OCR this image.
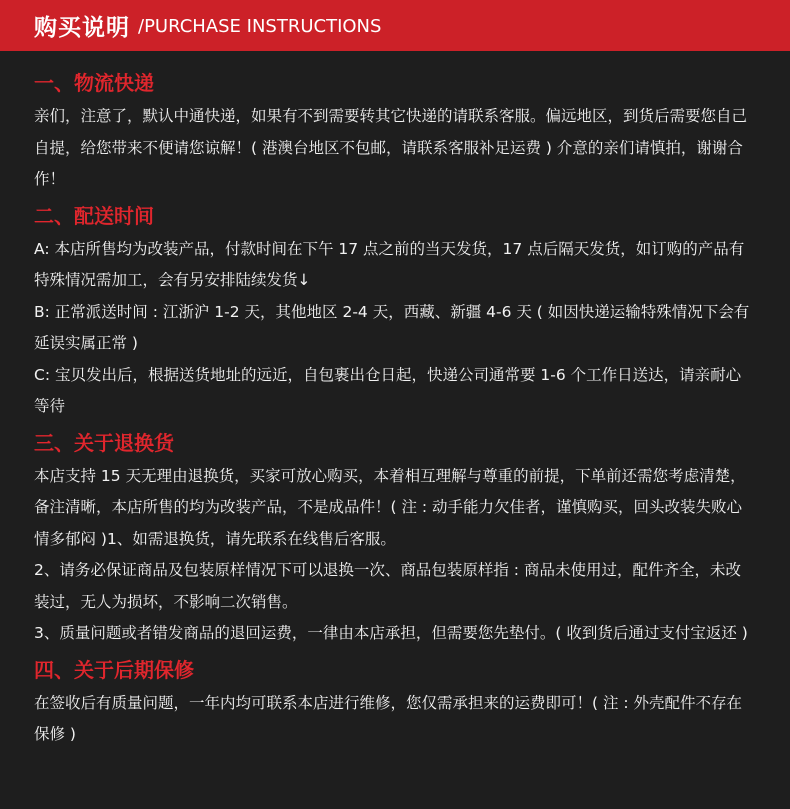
购买说明 /PURCHASE INSTRUCTIONS
一、物流快递

亲们，注意了，默认中通快递，如果有不到需要转其它快递的请联系客服。偏远地区，到货后需要您自己自提，给您带来不便请您谅解！( 港澳台地区不包邮，请联系客服补足运费 ) 介意的亲们请慎拍，谢谢合作！

二、配送时间

A: 本店所售均为改装产品，付款时间在下午 17 点之前的当天发货，17 点后隔天发货，如订购的产品有特殊情况需加工，会有另安排陆续发货↓

B: 正常派送时间 : 江浙沪 1-2 天，其他地区 2-4 天，西藏、新疆 4-6 天 ( 如因快递运输特殊情况下会有延误实属正常 )

C: 宝贝发出后，根据送货地址的远近，自包裹出仓日起，快递公司通常要 1-6 个工作日送达，请亲耐心等待

三、关于退换货

本店支持 15 天无理由退换货，买家可放心购买，本着相互理解与尊重的前提，下单前还需您考虑清楚，备注清晰，本店所售的均为改装产品，不是成品件！( 注 : 动手能力欠佳者，谨慎购买，回头改装失败心情多郁闷 )1、如需退换货，请先联系在线售后客服。

2、请务必保证商品及包装原样情况下可以退换一次、商品包装原样指 : 商品未使用过，配件齐全，未改装过，无人为损坏，不影响二次销售。

3、质量问题或者错发商品的退回运费，一律由本店承担，但需要您先垫付。( 收到货后通过支付宝返还 )

四、关于后期保修

在签收后有质量问题，一年内均可联系本店进行维修，您仅需承担来的运费即可！( 注 : 外壳配件不存在保修 )
